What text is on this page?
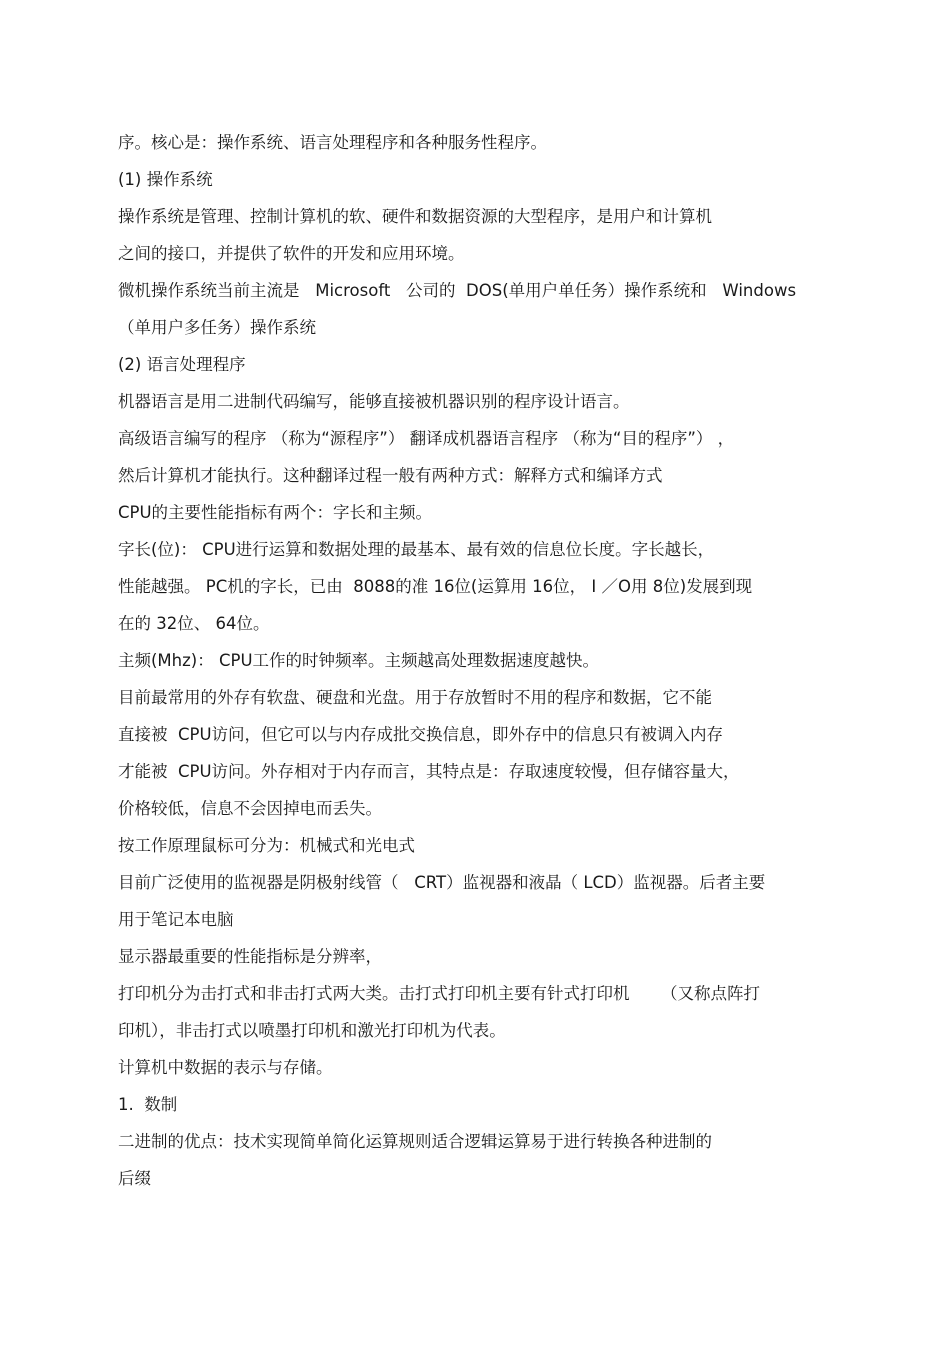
序。核心是：操作系统、语言处理程序和各种服务性程序。
(1) 操作系统
操作系统是管理、控制计算机的软、硬件和数据资源的大型程序，是用户和计算机
之间的接口，并提供了软件的开发和应用环境。
微机操作系统当前主流是   Microsoft   公司的  DOS(单用户单任务）操作系统和   Windows
（单用户多任务）操作系统
(2) 语言处理程序
机器语言是用二进制代码编写，能够直接被机器识别的程序设计语言。
高级语言编写的程序 （称为“源程序”） 翻译成机器语言程序 （称为“目的程序”） ，
然后计算机才能执行。这种翻译过程一般有两种方式：解释方式和编译方式
CPU的主要性能指标有两个：字长和主频。
字长(位)： CPU进行运算和数据处理的最基本、最有效的信息位长度。字长越长，
性能越强。 PC机的字长，已由  8088的准 16位(运算用 16位， I ／O用 8位)发展到现
在的 32位、 64位。
主频(Mhz)： CPU工作的时钟频率。主频越高处理数据速度越快。
目前最常用的外存有软盘、硬盘和光盘。用于存放暂时不用的程序和数据，它不能
直接被  CPU访问，但它可以与内存成批交换信息，即外存中的信息只有被调入内存
才能被  CPU访问。外存相对于内存而言，其特点是：存取速度较慢，但存储容量大，
价格较低，信息不会因掉电而丢失。
按工作原理鼠标可分为：机械式和光电式
目前广泛使用的监视器是阴极射线管（   CRT）监视器和液晶（ LCD）监视器。后者主要
用于笔记本电脑
显示器最重要的性能指标是分辨率，
打印机分为击打式和非击打式两大类。击打式打印机主要有针式打印机      （又称点阵打
印机），非击打式以喷墨打印机和激光打印机为代表。
计算机中数据的表示与存储。
1.  数制
二进制的优点：技术实现简单简化运算规则适合逻辑运算易于进行转换各种进制的
后缀
